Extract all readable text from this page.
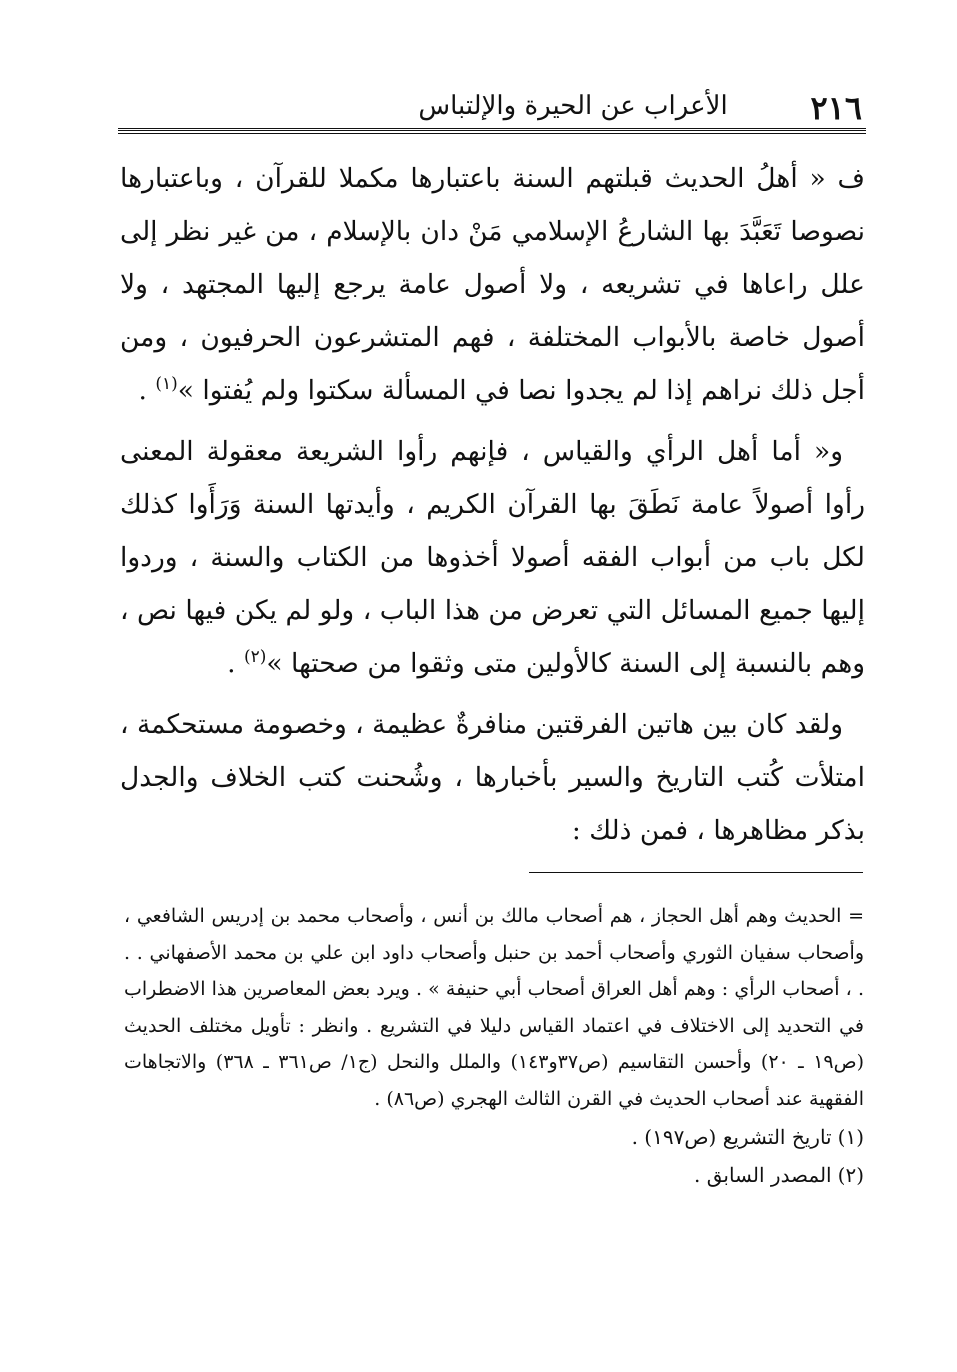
٢١٦
الأعراب عن الحيرة والإلتباس

ف « أهلُ الحديث قبلتهم السنة باعتبارها مكملا للقرآن ، وباعتبارها نصوصا تَعَبَّدَ بها الشارعُ الإسلامي مَنْ دان بالإسلام ، من غير نظر إلى علل راعاها في تشريعه ، ولا أصول عامة يرجع إليها المجتهد ، ولا أصول خاصة بالأبواب المختلفة ، فهم المتشرعون الحرفيون ، ومن أجل ذلك نراهم إذا لم يجدوا نصا في المسألة سكتوا ولم يُفتوا »$^{(١)}$ .

و« أما أهل الرأي والقياس ، فإنهم رأوا الشريعة معقولة المعنى رأوا أصولاً عامة نَطَقَ بها القرآن الكريم ، وأيدتها السنة وَرَأَوا كذلك لكل باب من أبواب الفقه أصولا أخذوها من الكتاب والسنة ، وردوا إليها جميع المسائل التي تعرض من هذا الباب ، ولو لم يكن فيها نص ، وهم بالنسبة إلى السنة كالأولين متى وثقوا من صحتها »$^{(٢)}$ .

ولقد كان بين هاتين الفرقتين منافرةٌ عظيمة ، وخصومة مستحكمة ، امتلأت كُتب التاريخ والسير بأخبارها ، وشُحنت كتب الخلاف والجدل بذكر مظاهرها ، فمن ذلك :

= الحديث وهم أهل الحجاز ، هم أصحاب مالك بن أنس ، وأصحاب محمد بن إدريس الشافعي ، وأصحاب سفيان الثوري وأصحاب أحمد بن حنبل وأصحاب داود ابن علي بن محمد الأصفهاني . . . ، أصحاب الرأي : وهم أهل العراق أصحاب أبي حنيفة » . ويرد بعض المعاصرين هذا الاضطراب في التحديد إلى الاختلاف في اعتماد القياس دليلا في التشريع . وانظر : تأويل مختلف الحديث (ص١٩ ـ ٢٠) وأحسن التقاسيم (ص٣٧و١٤٣) والملل والنحل (ج١/ ص٣٦١ ـ ٣٦٨) والاتجاهات الفقهية عند أصحاب الحديث في القرن الثالث الهجري (ص٨٦) .

(١)تاريخ التشريع (ص١٩٧) .

(٢)المصدر السابق .
